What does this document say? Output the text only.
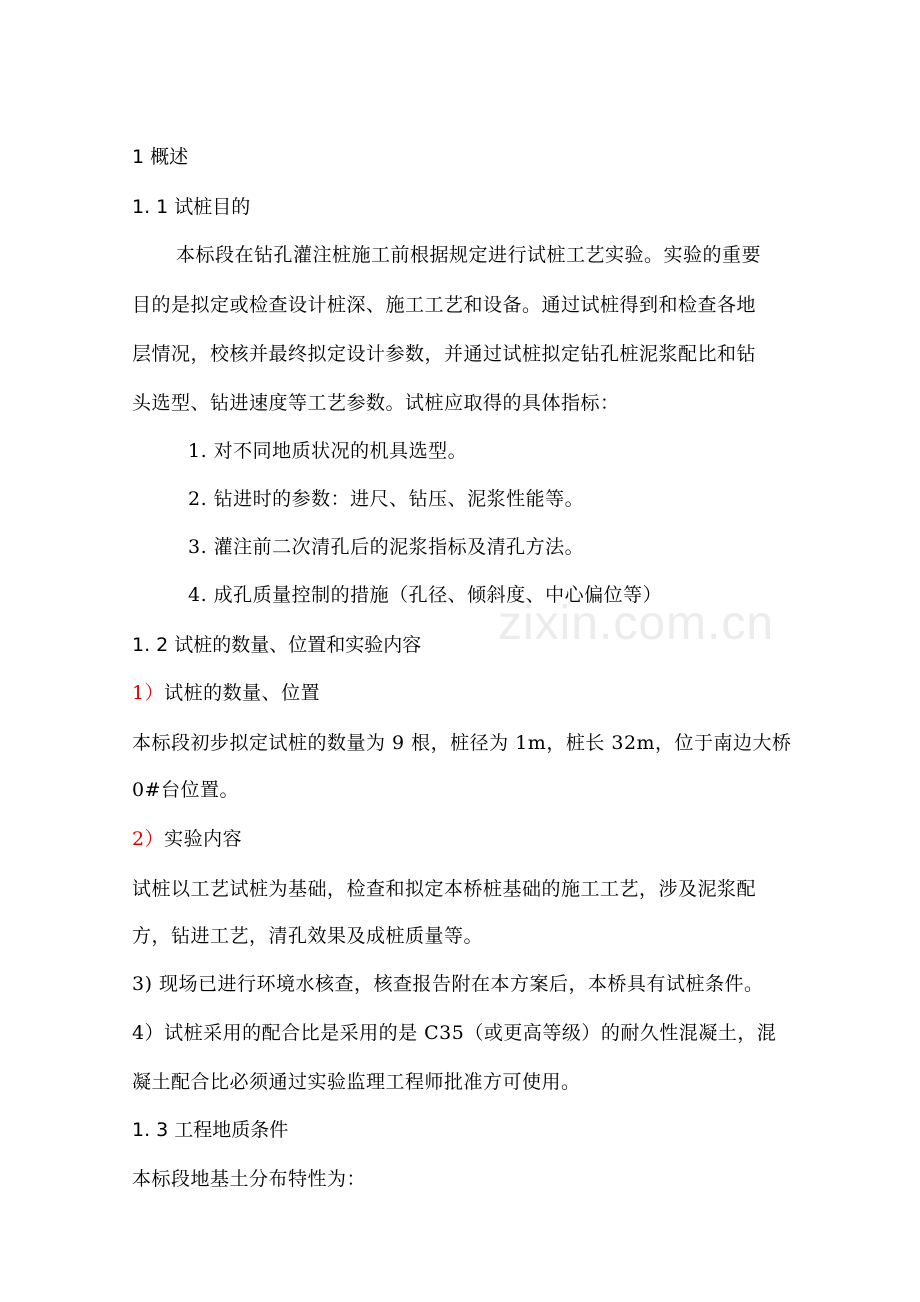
zixin.com.cn
1 概述
1. 1 试桩目的
本标段在钻孔灌注桩施工前根据规定进行试桩工艺实验。实验的重要
目的是拟定或检查设计桩深、施工工艺和设备。通过试桩得到和检查各地
层情况，校核并最终拟定设计参数，并通过试桩拟定钻孔桩泥浆配比和钻
头选型、钻进速度等工艺参数。试桩应取得的具体指标：
1. 对不同地质状况的机具选型。
2. 钻进时的参数：进尺、钻压、泥浆性能等。
3. 灌注前二次清孔后的泥浆指标及清孔方法。
4. 成孔质量控制的措施（孔径、倾斜度、中心偏位等）
1. 2 试桩的数量、位置和实验内容
1）试桩的数量、位置
本标段初步拟定试桩的数量为 9 根，桩径为 1m，桩长 32m，位于南边大桥
0#台位置。
2）实验内容
试桩以工艺试桩为基础，检查和拟定本桥桩基础的施工工艺，涉及泥浆配
方，钻进工艺，清孔效果及成桩质量等。
3) 现场已进行环境水核查，核查报告附在本方案后，本桥具有试桩条件。
4）试桩采用的配合比是采用的是 C35（或更高等级）的耐久性混凝土，混
凝土配合比必须通过实验监理工程师批准方可使用。
1. 3 工程地质条件
本标段地基土分布特性为：
